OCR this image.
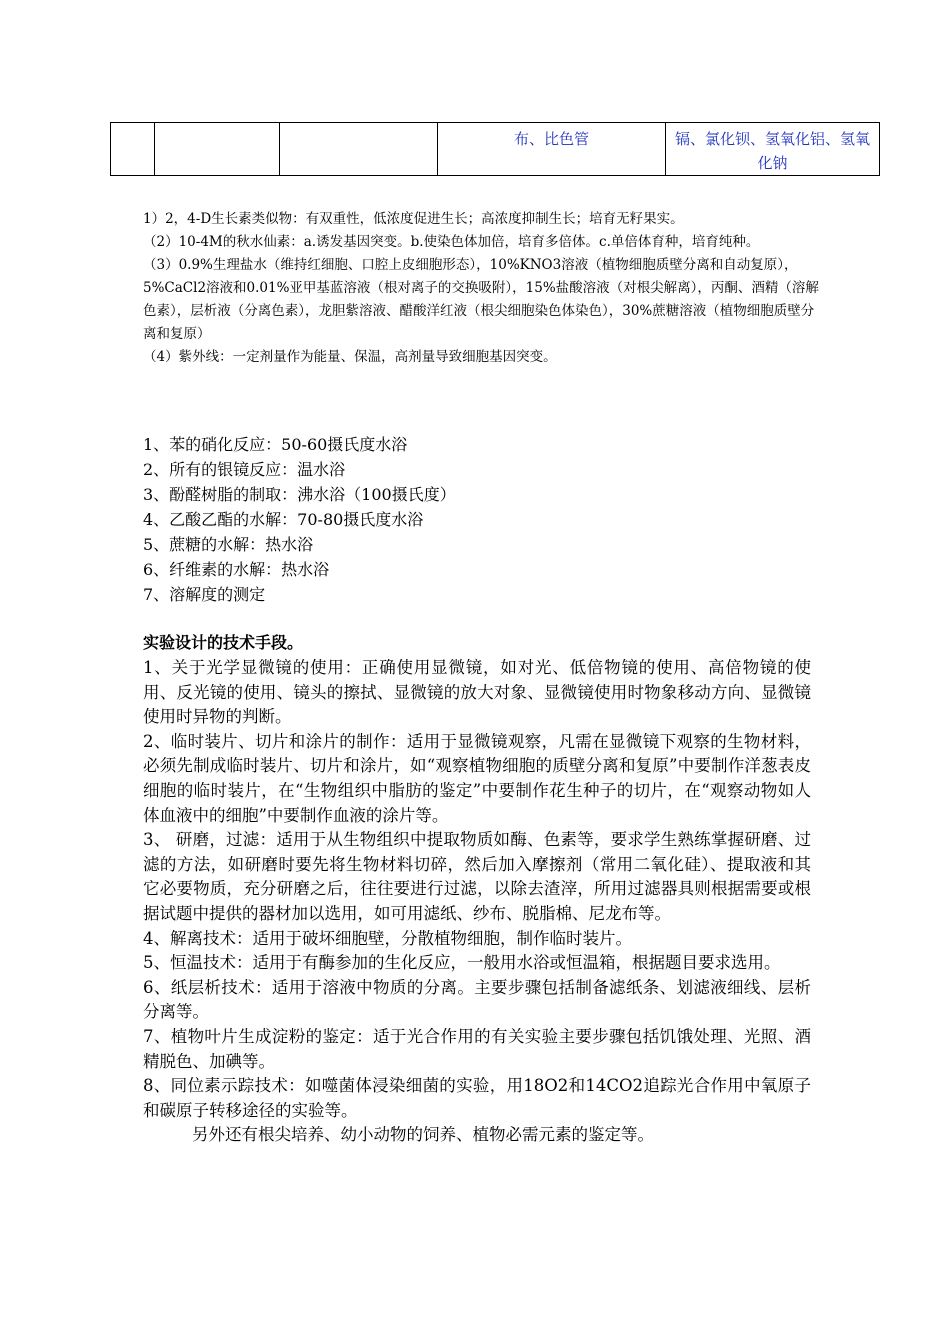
			布、比色管	镉、氯化钡、氢氧化铝、氢氧化钠

1）2，4-D生长素类似物：有双重性，低浓度促进生长；高浓度抑制生长；培育无籽果实。

（2）10-4M的秋水仙素：a.诱发基因突变。b.使染色体加倍，培育多倍体。c.单倍体育种，培育纯种。

（3）0.9%生理盐水（维持红细胞、口腔上皮细胞形态），10%KNO3溶液（植物细胞质壁分离和自动复原），5%CaCl2溶液和0.01%亚甲基蓝溶液（根对离子的交换吸附），15%盐酸溶液（对根尖解离），丙酮、酒精（溶解色素），层析液（分离色素），龙胆紫溶液、醋酸洋红液（根尖细胞染色体染色），30%蔗糖溶液（植物细胞质壁分离和复原）

（4）紫外线：一定剂量作为能量、保温，高剂量导致细胞基因突变。

1、苯的硝化反应：50-60摄氏度水浴

2、所有的银镜反应：温水浴

3、酚醛树脂的制取：沸水浴（100摄氏度）

4、乙酸乙酯的水解：70-80摄氏度水浴

5、蔗糖的水解：热水浴

6、纤维素的水解：热水浴

7、溶解度的测定

实验设计的技术手段。

1、关于光学显微镜的使用：正确使用显微镜，如对光、低倍物镜的使用、高倍物镜的使用、反光镜的使用、镜头的擦拭、显微镜的放大对象、显微镜使用时物象移动方向、显微镜使用时异物的判断。

2、临时装片、切片和涂片的制作：适用于显微镜观察，凡需在显微镜下观察的生物材料，必须先制成临时装片、切片和涂片，如“观察植物细胞的质壁分离和复原”中要制作洋葱表皮细胞的临时装片，在“生物组织中脂肪的鉴定”中要制作花生种子的切片，在“观察动物如人体血液中的细胞”中要制作血液的涂片等。

3、 研磨，过滤：适用于从生物组织中提取物质如酶、色素等，要求学生熟练掌握研磨、过滤的方法，如研磨时要先将生物材料切碎，然后加入摩擦剂（常用二氧化硅）、提取液和其它必要物质，充分研磨之后，往往要进行过滤，以除去渣滓，所用过滤器具则根据需要或根据试题中提供的器材加以选用，如可用滤纸、纱布、脱脂棉、尼龙布等。

4、解离技术：适用于破坏细胞壁，分散植物细胞，制作临时装片。

5、恒温技术：适用于有酶参加的生化反应，一般用水浴或恒温箱，根据题目要求选用。

6、纸层析技术：适用于溶液中物质的分离。主要步骤包括制备滤纸条、划滤液细线、层析分离等。

7、植物叶片生成淀粉的鉴定：适于光合作用的有关实验主要步骤包括饥饿处理、光照、酒精脱色、加碘等。

8、同位素示踪技术：如噬菌体浸染细菌的实验，用18O2和14CO2追踪光合作用中氧原子和碳原子转移途径的实验等。

另外还有根尖培养、幼小动物的饲养、植物必需元素的鉴定等。
